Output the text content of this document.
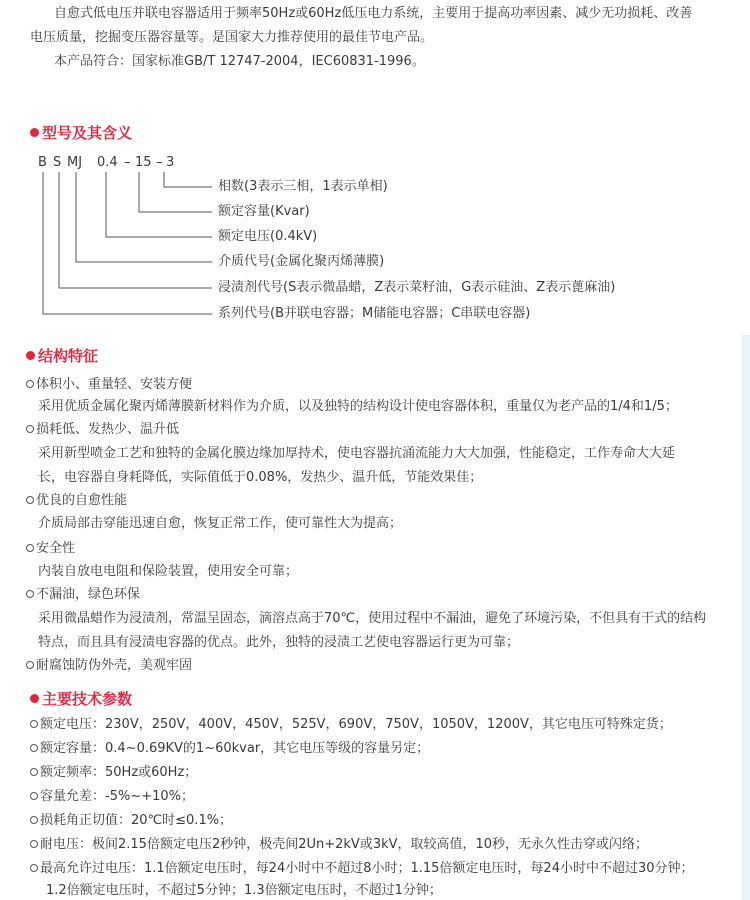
自愈式低电压并联电容器适用于频率50Hz或60Hz低压电力系统，主要用于提高功率因素、减少无功损耗、改善
电压质量，挖掘变压器容量等。是国家大力推荐使用的最佳节电产品。
本产品符合：国家标准GB/T 12747-2004，IEC60831-1996。
型号及其含义
B S MJ 0.4 – 15 – 3
相数(3表示三相，1表示单相)
额定容量(Kvar)
额定电压(0.4kV)
介质代号(金属化聚丙烯薄膜)
浸渍剂代号(S表示微晶蜡，Z表示菜籽油，G表示硅油、Z表示蓖麻油)
系列代号(B并联电容器；M储能电容器；C串联电容器)
结构特征
体积小、重量轻、安装方便
采用优质金属化聚丙烯薄膜新材料作为介质，以及独特的结构设计使电容器体积，重量仅为老产品的1/4和1/5；
损耗低、发热少、温升低
采用新型喷金工艺和独特的金属化膜边缘加厚持术，使电容器抗涌流能力大大加强，性能稳定，工作寿命大大延
长，电容器自身耗降低，实际值低于0.08%，发热少、温升低，节能效果佳；
优良的自愈性能
介质局部击穿能迅速自愈，恢复正常工作，使可靠性大为提高；
安全性
内装自放电电阻和保险装置，使用安全可靠；
不漏油，绿色环保
采用微晶蜡作为浸渍剂，常温呈固态，滴溶点高于70℃，使用过程中不漏油，避免了环境污染，不但具有干式的结构
特点，而且具有浸渍电容器的优点。此外，独特的浸渍工艺使电容器运行更为可靠；
耐腐蚀防伪外壳，美观牢固
主要技术参数
额定电压：230V，250V，400V，450V，525V，690V，750V，1050V，1200V，其它电压可特殊定货；
额定容量：0.4~0.69KV的1~60kvar，其它电压等级的容量另定；
额定频率：50Hz或60Hz；
容量允差：-5%~+10%；
损耗角正切值：20℃时≤0.1%；
耐电压：极间2.15倍额定电压2秒钟，极壳间2Un+2kV或3kV，取较高值，10秒，无永久性击穿或闪络；
最高允许过电压：1.1倍额定电压时，每24小时中不超过8小时；1.15倍额定电压时，每24小时中不超过30分钟；
1.2倍额定电压时，不超过5分钟；1.3倍额定电压时，不超过1分钟；
